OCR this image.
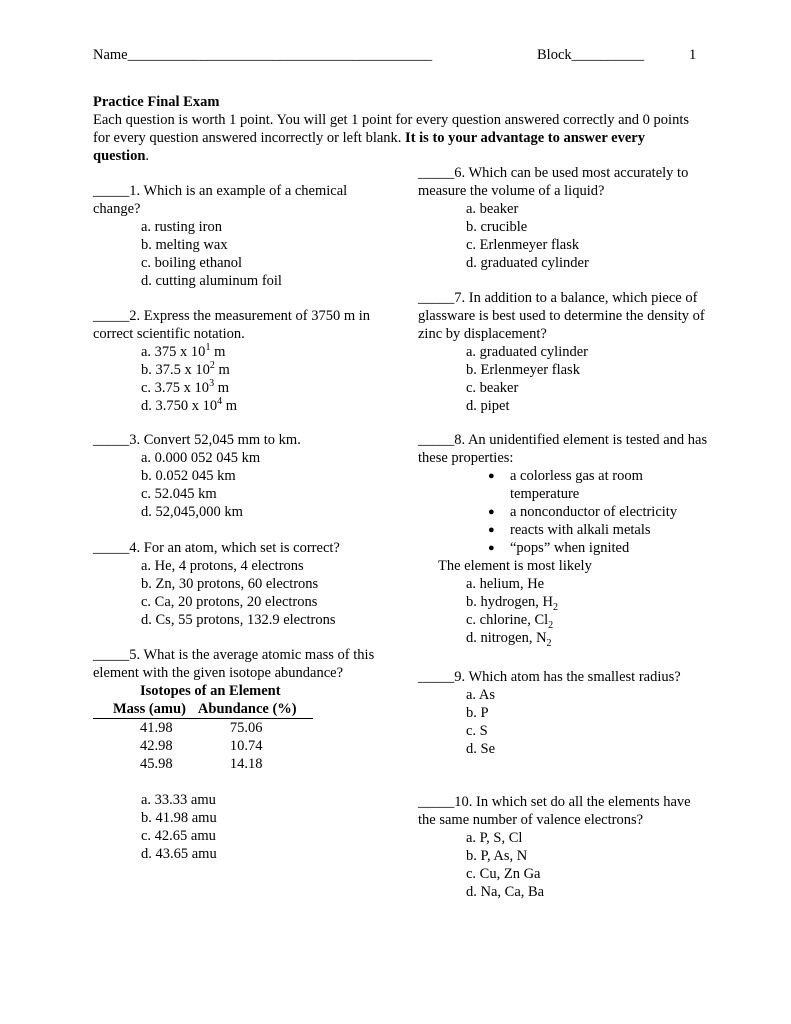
Name__________________________________________	Block__________	1
Practice Final Exam
Each question is worth 1 point. You will get 1 point for every question answered correctly and 0 points for every question answered incorrectly or left blank. It is to your advantage to answer every question.
_____1. Which is an example of a chemical change?
a. rusting iron
b. melting wax
c. boiling ethanol
d. cutting aluminum foil
_____2. Express the measurement of 3750 m in correct scientific notation.
a. 375 x $10^1$ m
b. 37.5 x $10^2$ m
c. 3.75 x $10^3$ m
d. 3.750 x $10^4$ m
_____3. Convert 52,045 mm to km.
a. 0.000 052 045 km
b. 0.052 045 km
c. 52.045 km
d. 52,045,000 km
_____4. For an atom, which set is correct?
a. He, 4 protons, 4 electrons
b. Zn, 30 protons, 60 electrons
c. Ca, 20 protons, 20 electrons
d. Cs, 55 protons, 132.9 electrons
_____5. What is the average atomic mass of this element with the given isotope abundance?
Isotopes of an Element
Mass (amu)	Abundance (%)
41.98	75.06
42.98	10.74
45.98	14.18
a. 33.33 amu
b. 41.98 amu
c. 42.65 amu
d. 43.65 amu
_____6. Which can be used most accurately to measure the volume of a liquid?
a. beaker
b. crucible
c. Erlenmeyer flask
d. graduated cylinder
_____7. In addition to a balance, which piece of glassware is best used to determine the density of zinc by displacement?
a. graduated cylinder
b. Erlenmeyer flask
c. beaker
d. pipet
_____8. An unidentified element is tested and has these properties:
●	a colorless gas at room temperature
●	a nonconductor of electricity
●	reacts with alkali metals
●	“pops” when ignited
The element is most likely
a. helium, He
b. hydrogen, $H_2$
c. chlorine, $Cl_2$
d. nitrogen, $N_2$
_____9. Which atom has the smallest radius?
a. As
b. P
c. S
d. Se
_____10. In which set do all the elements have the same number of valence electrons?
a. P, S, Cl
b. P, As, N
c. Cu, Zn Ga
d. Na, Ca, Ba
